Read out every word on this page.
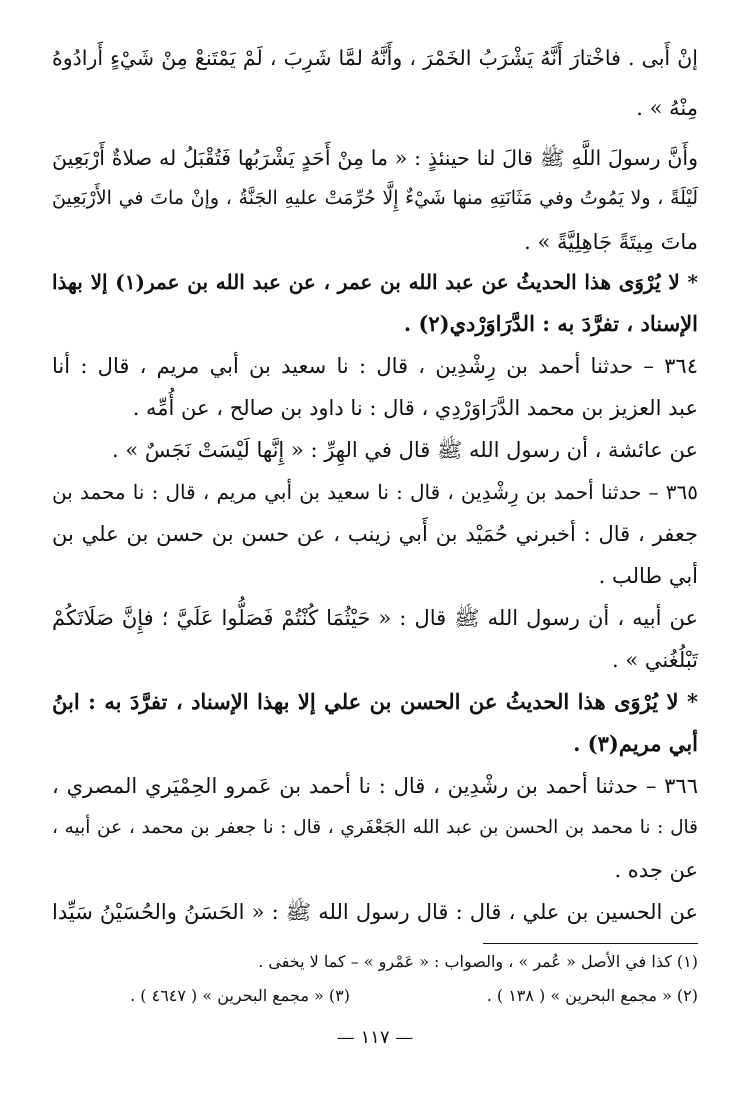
إنْ أَبى . فاخْتارَ أَنَّهُ يَشْرَبُ الخَمْرَ ، وأَنَّهُ لمَّا شَرِبَ ، لَمْ يَمْتَنعْ مِنْ شَيْءٍ أَرادُوهُ
مِنْهُ » .
وأَنَّ رسولَ اللَّهِ ﷺ قالَ لنا حينئذٍ : « ما مِنْ أَحَدٍ يَشْرَبُها فَتُقْبَلُ له صلاةٌ أَرْبَعِينَ
لَيْلَةً ، ولا يَمُوتُ وفي مَثَانَتِهِ منها شَيْءٌ إِلَّا حُرِّمَتْ عليهِ الجَنَّةُ ، وإنْ ماتَ في الأَرْبَعِينَ
ماتَ مِيتَةً جَاهِلِيَّةً » .
* لا يُرْوَى هذا الحديثُ عن عبد الله بن عمر ، عن عبد الله بن عمر(١) إلا بهذا
الإسناد ، تفرَّدَ به : الدَّرَاوَرْدي(٢) .
٣٦٤ – حدثنا أحمد بن رِشْدِين ، قال : نا سعيد بن أبي مريم ، قال : أنا
عبد العزيز بن محمد الدَّرَاوَرْدِي ، قال : نا داود بن صالح ، عن أُمِّه .
عن عائشة ، أن رسول الله ﷺ قال في الهِرِّ : « إِنَّها لَيْسَتْ نَجَسٌ » .
٣٦٥ – حدثنا أحمد بن رِشْدِين ، قال : نا سعيد بن أبي مريم ، قال : نا محمد بن
جعفر ، قال : أخبرني حُمَيْد بن أَبي زينب ، عن حسن بن حسن بن علي بن
أبي طالب .
عن أبيه ، أن رسول الله ﷺ قال : « حَيْثُمَا كُنْتُمْ فَصَلُّوا عَلَيَّ ؛ فإِنَّ صَلَاتَكُمْ
تَبْلُغُني » .
* لا يُرْوَى هذا الحديثُ عن الحسن بن علي إلا بهذا الإسناد ، تفرَّدَ به : ابنُ
أبي مريم(٣) .
٣٦٦ – حدثنا أحمد بن رشْدِين ، قال : نا أحمد بن عَمرو الحِمْيَري المصري ،
قال : نا محمد بن الحسن بن عبد الله الجَعْفَري ، قال : نا جعفر بن محمد ، عن أبيه ،
عن جده .
عن الحسين بن علي ، قال : قال رسول الله ﷺ : « الحَسَنُ والحُسَيْنُ سَيِّدا
(١) كذا في الأصل « عُمر » ، والصواب : « عَمْرو » – كما لا يخفى .
(٢) « مجمع البحرين » ( ١٣٨ ) .
(٣) « مجمع البحرين » ( ٤٦٤٧ ) .
— ١١٧ —
